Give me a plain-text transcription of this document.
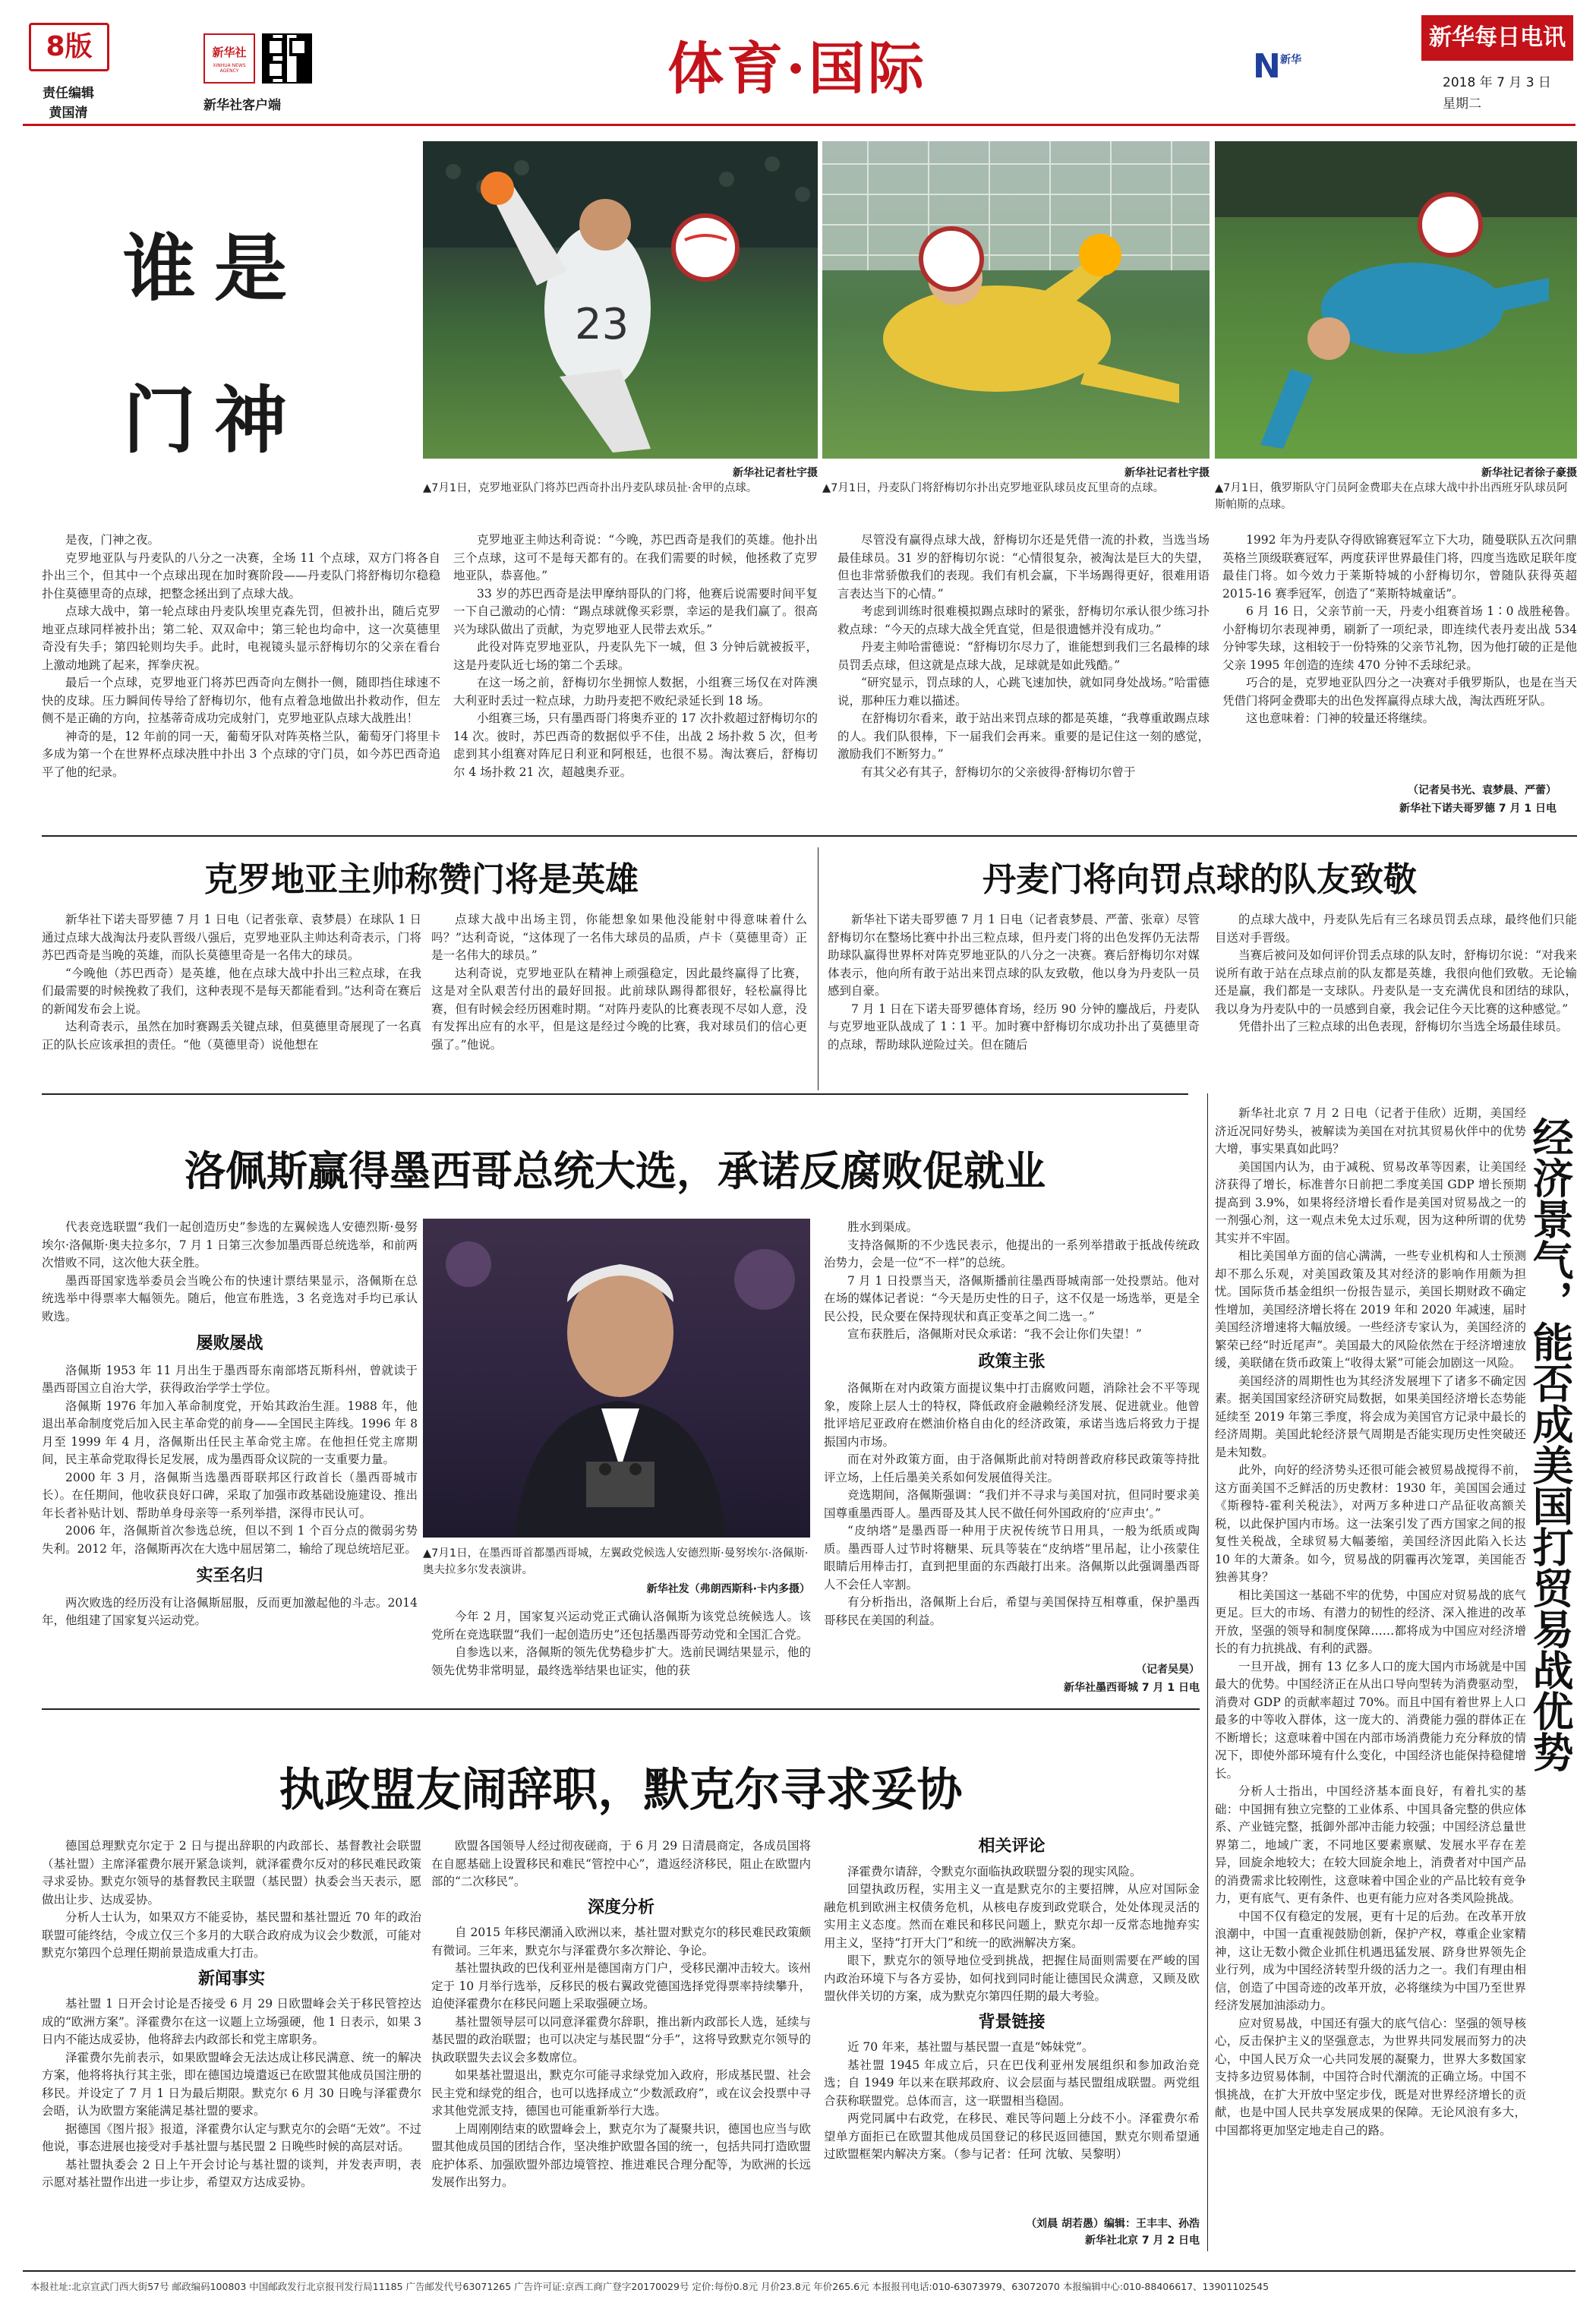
8版
责任编辑
黄国清
新华社
XINHUA NEWS AGENCY
新华社客户端
体育·国际	N 新华
新华每日电讯
2018 年 7 月 3 日
星期二
谁是
门神
23
新华社记者杜宇摄	新华社记者杜宇摄	新华社记者徐子豪摄
▲7月1日，克罗地亚队门将苏巴西奇扑出丹麦队球员扯·舍甲的点球。	▲7月1日，丹麦队门将舒梅切尔扑出克罗地亚队球员皮瓦里奇的点球。	▲7月1日，俄罗斯队守门员阿金费耶夫在点球大战中扑出西班牙队球员阿斯帕斯的点球。

是夜，门神之夜。

克罗地亚队与丹麦队的八分之一决赛，全场 11 个点球，双方门将各自扑出三个，但其中一个点球出现在加时赛阶段——丹麦队门将舒梅切尔稳稳扑住莫德里奇的点球，把整念拯出到了点球大战。

点球大战中，第一轮点球由丹麦队埃里克森先罚，但被扑出，随后克罗地亚点球同样被扑出；第二轮、双双命中；第三轮也均命中，这一次莫德里奇没有失手；第四轮则均失手。此时，电视镜头显示舒梅切尔的父亲在看台上激动地跳了起来，挥拳庆祝。

最后一个点球，克罗地亚门将苏巴西奇向左侧扑一侧，随即挡住球速不快的皮球。压力瞬间传导给了舒梅切尔，他有点着急地做出扑救动作，但左侧不是正确的方向，拉基蒂奇成功完成射门，克罗地亚队点球大战胜出！

神奇的是，12 年前的同一天，葡萄牙队对阵英格兰队，葡萄牙门将里卡多成为第一个在世界杯点球决胜中扑出 3 个点球的守门员，如今苏巴西奇追平了他的纪录。

克罗地亚主帅达利奇说：“今晚，苏巴西奇是我们的英雄。他扑出三个点球，这可不是每天都有的。在我们需要的时候，他拯救了克罗地亚队，恭喜他。”

33 岁的苏巴西奇是法甲摩纳哥队的门将，他赛后说需要时间平复一下自己激动的心情：“踢点球就像买彩票，幸运的是我们赢了。很高兴为球队做出了贡献，为克罗地亚人民带去欢乐。”

此役对阵克罗地亚队，丹麦队先下一城，但 3 分钟后就被扳平，这是丹麦队近七场的第二个丢球。

在这一场之前，舒梅切尔坐拥惊人数据，小组赛三场仅在对阵澳大利亚时丢过一粒点球，力助丹麦把不败纪录延长到 18 场。

小组赛三场，只有墨西哥门将奥乔亚的 17 次扑救超过舒梅切尔的 14 次。彼时，苏巴西奇的数据似乎不佳，出战 2 场扑救 5 次，但考虑到其小组赛对阵尼日利亚和阿根廷，也很不易。淘汰赛后，舒梅切尔 4 场扑救 21 次，超越奥乔亚。

尽管没有赢得点球大战，舒梅切尔还是凭借一流的扑救，当选当场最佳球员。31 岁的舒梅切尔说：“心情很复杂，被淘汰是巨大的失望，但也非常骄傲我们的表现。我们有机会赢，下半场踢得更好，很难用语言表达当下的心情。”

考虑到训练时很难模拟踢点球时的紧张，舒梅切尔承认很少练习扑救点球：“今天的点球大战全凭直觉，但是很遗憾并没有成功。”

丹麦主帅哈雷德说：“舒梅切尔尽力了，谁能想到我们三名最棒的球员罚丢点球，但这就是点球大战，足球就是如此残酷。”

“研究显示，罚点球的人，心跳飞速加快，就如同身处战场。”哈雷德说，那种压力难以描述。

在舒梅切尔看来，敢于站出来罚点球的都是英雄，“我尊重敢踢点球的人。我们队很棒，下一届我们会再来。重要的是记住这一刻的感觉，激励我们不断努力。”

有其父必有其子，舒梅切尔的父亲彼得·舒梅切尔曾于

1992 年为丹麦队夺得欧锦赛冠军立下大功，随曼联队五次问鼎英格兰顶级联赛冠军，两度获评世界最佳门将，四度当选欧足联年度最佳门将。如今效力于莱斯特城的小舒梅切尔，曾随队获得英超 2015-16 赛季冠军，创造了“莱斯特城童话”。

6 月 16 日，父亲节前一天，丹麦小组赛首场 1∶0 战胜秘鲁。小舒梅切尔表现神勇，刷新了一项纪录，即连续代表丹麦出战 534 分钟零失球，这相较于一份特殊的父亲节礼物，因为他打破的正是他父亲 1995 年创造的连续 470 分钟不丢球纪录。

巧合的是，克罗地亚队四分之一决赛对手俄罗斯队，也是在当天凭借门将阿金费耶夫的出色发挥赢得点球大战，淘汰西班牙队。

这也意味着：门神的较量还将继续。

（记者吴书光、袁梦晨、严蕾）
新华社下诺夫哥罗德 7 月 1 日电
克罗地亚主帅称赞门将是英雄	丹麦门将向罚点球的队友致敬

新华社下诺夫哥罗德 7 月 1 日电（记者张章、袁梦晨）在球队 1 日通过点球大战淘汰丹麦队晋级八强后，克罗地亚队主帅达利奇表示，门将苏巴西奇是当晚的英雄，而队长莫德里奇是一名伟大的球员。

“今晚他（苏巴西奇）是英雄，他在点球大战中扑出三粒点球，在我们最需要的时候挽救了我们，这种表现不是每天都能看到。”达利奇在赛后的新闻发布会上说。

达利奇表示，虽然在加时赛踢丢关键点球，但莫德里奇展现了一名真正的队长应该承担的责任。“他（莫德里奇）说他想在

点球大战中出场主罚，你能想象如果他没能射中得意味着什么吗？”达利奇说，“这体现了一名伟大球员的品质，卢卡（莫德里奇）正是一名伟大的球员。”

达利奇说，克罗地亚队在精神上顽强稳定，因此最终赢得了比赛，这是对全队艰苦付出的最好回报。此前球队踢得都很好，轻松赢得比赛，但有时候会经历困难时期。“对阵丹麦队的比赛表现不尽如人意，没有发挥出应有的水平，但是这是经过今晚的比赛，我对球员们的信心更强了。”他说。

新华社下诺夫哥罗德 7 月 1 日电（记者袁梦晨、严蕾、张章）尽管舒梅切尔在整场比赛中扑出三粒点球，但丹麦门将的出色发挥仍无法帮助球队赢得世界杯对阵克罗地亚队的八分之一决赛。赛后舒梅切尔对媒体表示，他向所有敢于站出来罚点球的队友致敬，他以身为丹麦队一员感到自豪。

7 月 1 日在下诺夫哥罗德体育场，经历 90 分钟的鏖战后，丹麦队与克罗地亚队战成了 1∶1 平。加时赛中舒梅切尔成功扑出了莫德里奇的点球，帮助球队逆险过关。但在随后

的点球大战中，丹麦队先后有三名球员罚丢点球，最终他们只能目送对手晋级。

当赛后被问及如何评价罚丢点球的队友时，舒梅切尔说：“对我来说所有敢于站在点球点前的队友都是英雄，我很向他们致敬。无论输还是赢，我们都是一支球队。丹麦队是一支充满优良和团结的球队，我以身为丹麦队中的一员感到自豪，我会记住今天比赛的这种感觉。”

凭借扑出了三粒点球的出色表现，舒梅切尔当选全场最佳球员。

洛佩斯赢得墨西哥总统大选，承诺反腐败促就业

代表竞选联盟“我们一起创造历史”参选的左翼候选人安德烈斯·曼努埃尔·洛佩斯·奥夫拉多尔，7 月 1 日第三次参加墨西哥总统选举，和前两次惜败不同，这次他大获全胜。

墨西哥国家选举委员会当晚公布的快速计票结果显示，洛佩斯在总统选举中得票率大幅领先。随后，他宣布胜选，3 名竞选对手均已承认败选。

屡败屡战

洛佩斯 1953 年 11 月出生于墨西哥东南部塔瓦斯科州，曾就读于墨西哥国立自治大学，获得政治学学士学位。

洛佩斯 1976 年加入革命制度党，开始其政治生涯。1988 年，他退出革命制度党后加入民主革命党的前身——全国民主阵线。1996 年 8 月至 1999 年 4 月，洛佩斯出任民主革命党主席。在他担任党主席期间，民主革命党取得长足发展，成为墨西哥众议院的一支重要力量。

2000 年 3 月，洛佩斯当选墨西哥联邦区行政首长（墨西哥城市长）。在任期间，他收获良好口碑，采取了加强市政基础设施建设、推出年长者补贴计划、帮助单身母亲等一系列举措，深得市民认可。

2006 年，洛佩斯首次参选总统，但以不到 1 个百分点的微弱劣势失利。2012 年，洛佩斯再次在大选中屈居第二，输给了现总统培尼亚。

实至名归

两次败选的经历没有让洛佩斯屈服，反而更加激起他的斗志。2014 年，他组建了国家复兴运动党。

▲7月1日，在墨西哥首都墨西哥城，左翼政党候选人安德烈斯·曼努埃尔·洛佩斯·奥夫拉多尔发表演讲。
新华社发（弗朗西斯科·卡内多摄）

今年 2 月，国家复兴运动党正式确认洛佩斯为该党总统候选人。该党所在竞选联盟“我们一起创造历史”还包括墨西哥劳动党和全国汇合党。

自参选以来，洛佩斯的领先优势稳步扩大。选前民调结果显示，他的领先优势非常明显，最终选举结果也证实，他的获

胜水到渠成。

支持洛佩斯的不少选民表示，他提出的一系列举措敢于抵战传统政治势力，会是一位“不一样”的总统。

7 月 1 日投票当天，洛佩斯播前往墨西哥城南部一处投票站。他对在场的媒体记者说：“今天是历史性的日子，这不仅是一场选举，更是全民公投，民众要在保持现状和真正变革之间二选一。”

宣布获胜后，洛佩斯对民众承诺：“我不会让你们失望！”

政策主张

洛佩斯在对内政策方面提议集中打击腐败问题，消除社会不平等现象，废除上层人士的特权，降低政府金融赖经济发展、促进就业。他曾批评培尼亚政府在燃油价格自由化的经济政策，承诺当选后将致力于提振国内市场。

而在对外政策方面，由于洛佩斯此前对特朗普政府移民政策等持批评立场，上任后墨美关系如何发展值得关注。

竞选期间，洛佩斯强调：“我们并不寻求与美国对抗，但同时要求美国尊重墨西哥人。墨西哥及其人民不做任何外国政府的‘应声虫’。”

“皮纳塔”是墨西哥一种用于庆祝传统节日用具，一般为纸质或陶质。墨西哥人过节时将糖果、玩具等装在“皮纳塔”里吊起，让小孩蒙住眼睛后用棒击打，直到把里面的东西敲打出来。洛佩斯以此强调墨西哥人不会任人宰割。

有分析指出，洛佩斯上台后，希望与美国保持互相尊重，保护墨西哥移民在美国的利益。

（记者吴昊）
新华社墨西哥城 7 月 1 日电

新华社北京 7 月 2 日电（记者于佳欣）近期，美国经济近况同好势头，被解读为美国在对抗其贸易伙伴中的优势大增，事实果真如此吗？

美国国内认为，由于减税、贸易改革等因素，让美国经济获得了增长，标准普尔日前把二季度美国 GDP 增长预期提高到 3.9%，如果将经济增长看作是美国对贸易战之一的一剂强心剂，这一观点未免太过乐观，因为这种所谓的优势其实并不牢固。

相比美国单方面的信心满满，一些专业机构和人士预测却不那么乐观，对美国政策及其对经济的影响作用颇为担忧。国际货币基金组织一份报告显示，美国长期财政不确定性增加，美国经济增长将在 2019 年和 2020 年减速，届时美国经济增速将大幅放缓。一些经济专家认为，美国经济的繁荣已经“时近尾声”。美国最大的风险依然在于经济增速放缓，美联储在货币政策上“收得太紧”可能会加剧这一风险。

美国经济的周期性也为其经济发展埋下了诸多不确定因素。据美国国家经济研究局数据，如果美国经济增长态势能延续至 2019 年第三季度，将会成为美国官方记录中最长的经济周期。美国此轮经济景气周期是否能实现历史性突破还是未知数。

此外，向好的经济势头还很可能会被贸易战搅得不前，这方面美国不乏鲜活的历史教材：1930 年，美国国会通过《斯穆特-霍利关税法》，对两万多种进口产品征收高额关税，以此保护国内市场。这一法案引发了西方国家之间的报复性关税战，全球贸易大幅萎缩，美国经济因此陷入长达 10 年的大萧条。如今，贸易战的阴霾再次笼罩，美国能否独善其身？

相比美国这一基础不牢的优势，中国应对贸易战的底气更足。巨大的市场、有潜力的韧性的经济、深入推进的改革开放，坚强的领导和制度保障……都将成为中国应对经济增长的有力抗挑战、有利的武器。

一旦开战，拥有 13 亿多人口的庞大国内市场就是中国最大的优势。中国经济正在从出口导向型转为消费驱动型，消费对 GDP 的贡献率超过 70%。而且中国有着世界上人口最多的中等收入群体，这一庞大的、消费能力强的群体正在不断增长；这意味着中国在内部市场消费能力充分释放的情况下，即使外部环境有什么变化，中国经济也能保持稳健增长。

分析人士指出，中国经济基本面良好，有着扎实的基础：中国拥有独立完整的工业体系、中国具备完整的供应体系、产业链完整，抵御外部冲击能力较强；中国经济总量世界第二，地域广袤，不同地区要素禀赋、发展水平存在差异，回旋余地较大；在较大回旋余地上，消费者对中国产品的消费需求比较刚性，这意味着中国企业的产品比较有竞争力，更有底气、更有条件、也更有能力应对各类风险挑战。

中国不仅有稳定的发展，更有十足的后劲。在改革开放浪潮中，中国一直重视鼓励创新，保护产权，尊重企业家精神，这让无数小微企业抓住机遇迅猛发展、跻身世界领先企业行列，成为中国经济转型升级的活力之一。我们有理由相信，创造了中国奇迹的改革开放，必将继续为中国乃至世界经济发展加油添动力。

应对贸易战，中国还有强大的底气信心：坚强的领导核心，反击保护主义的坚强意志，为世界共同发展而努力的决心，中国人民万众一心共同发展的凝聚力，世界大多数国家支持多边贸易体制，中国符合时代潮流的正确立场。中国不惧挑战，在扩大开放中坚定步伐，既是对世界经济增长的贡献，也是中国人民共享发展成果的保障。无论风浪有多大，中国都将更加坚定地走自己的路。

经济景气，能否成美国打贸易战优势
执政盟友闹辞职，默克尔寻求妥协

德国总理默克尔定于 2 日与提出辞职的内政部长、基督教社会联盟（基社盟）主席泽霍费尔展开紧急谈判，就泽霍费尔反对的移民难民政策寻求妥协。默克尔领导的基督教民主联盟（基民盟）执委会当天表示，愿做出让步、达成妥协。

分析人士认为，如果双方不能妥协，基民盟和基社盟近 70 年的政治联盟可能终结，令成立仅三个多月的大联合政府成为议会少数派，可能对默克尔第四个总理任期前景造成重大打击。

新闻事实

基社盟 1 日开会讨论是否接受 6 月 29 日欧盟峰会关于移民管控达成的“欧洲方案”。泽霍费尔在这一议题上立场强硬，他 1 日表示，如果 3 日内不能达成妥协，他将辞去内政部长和党主席职务。

泽霍费尔先前表示，如果欧盟峰会无法达成让移民满意、统一的解决方案，他将将执行其主张，即在德国边境遣返已在欧盟其他成员国注册的移民。并设定了 7 月 1 日为最后期限。默克尔 6 月 30 日晚与泽霍费尔会晤，认为欧盟方案能满足基社盟的要求。

据德国《图片报》报道，泽霍费尔认定与默克尔的会晤“无效”。不过他说，事态进展也接受对手基社盟与基民盟 2 日晚些时候的高层对话。

基社盟执委会 2 日上午开会讨论与基社盟的谈判，并发表声明，表示愿对基社盟作出进一步让步，希望双方达成妥协。

欧盟各国领导人经过彻夜磋商，于 6 月 29 日清晨商定，各成员国将在自愿基础上设置移民和难民“管控中心”，遣返经济移民，阻止在欧盟内部的“二次移民”。

深度分析

自 2015 年移民潮涌入欧洲以来，基社盟对默克尔的移民难民政策颇有微词。三年来，默克尔与泽霍费尔多次辩论、争论。

基社盟执政的巴伐利亚州是德国南方门户，受移民潮冲击较大。该州定于 10 月举行选举，反移民的极右翼政党德国选择党得票率持续攀升，迫使泽霍费尔在移民问题上采取强硬立场。

基社盟领导层可以同意泽霍费尔辞职，推出新内政部长人选，延续与基民盟的政治联盟；也可以决定与基民盟“分手”，这将导致默克尔领导的执政联盟失去议会多数席位。

如果基社盟退出，默克尔可能寻求绿党加入政府，形成基民盟、社会民主党和绿党的组合，也可以选择成立“少数派政府”，或在议会投票中寻求其他党派支持，德国也可能重新举行大选。

上周刚刚结束的欧盟峰会上，默克尔为了凝聚共识，德国也应当与欧盟其他成员国的团结合作，坚决维护欧盟各国的统一，包括共同打造欧盟庇护体系、加强欧盟外部边境管控、推进难民合理分配等，为欧洲的长远发展作出努力。

相关评论

泽霍费尔请辞，令默克尔面临执政联盟分裂的现实风险。

回望执政历程，实用主义一直是默克尔的主要招牌，从应对国际金融危机到欧洲主权债务危机，从核电存废到政党联合，处处体现灵活的实用主义态度。然而在难民和移民问题上，默克尔却一反常态地抛弃实用主义，坚持“打开大门”和统一的欧洲解决方案。

眼下，默克尔的领导地位受到挑战，把握住局面则需要在严峻的国内政治环境下与各方妥协，如何找到同时能让德国民众满意，又顾及欧盟伙伴关切的方案，成为默克尔第四任期的最大考验。

背景链接

近 70 年来，基社盟与基民盟一直是“姊妹党”。

基社盟 1945 年成立后，只在巴伐利亚州发展组织和参加政治竞选；自 1949 年以来在联邦政府、议会层面与基民盟组成联盟。两党组合获称联盟党。总体而言，这一联盟相当稳固。

两党同属中右政党，在移民、难民等问题上分歧不小。泽霍费尔希望单方面拒已在欧盟其他成员国登记的移民返回德国，默克尔则希望通过欧盟框架内解决方案。（参与记者：任珂 沈敏、吴黎明）

（刘晨 胡若愚）编辑：王丰丰、孙浩
新华社北京 7 月 2 日电
本报社址:北京宣武门西大街57号 邮政编码100803 中国邮政发行北京报刊发行局11185 广告邮发代号63071265 广告许可证:京西工商广登字20170029号 定价:每份0.8元 月价23.8元 年价265.6元 本报报刊电话:010-63073979、63072070 本报编辑中心:010-88406617、13901102545
